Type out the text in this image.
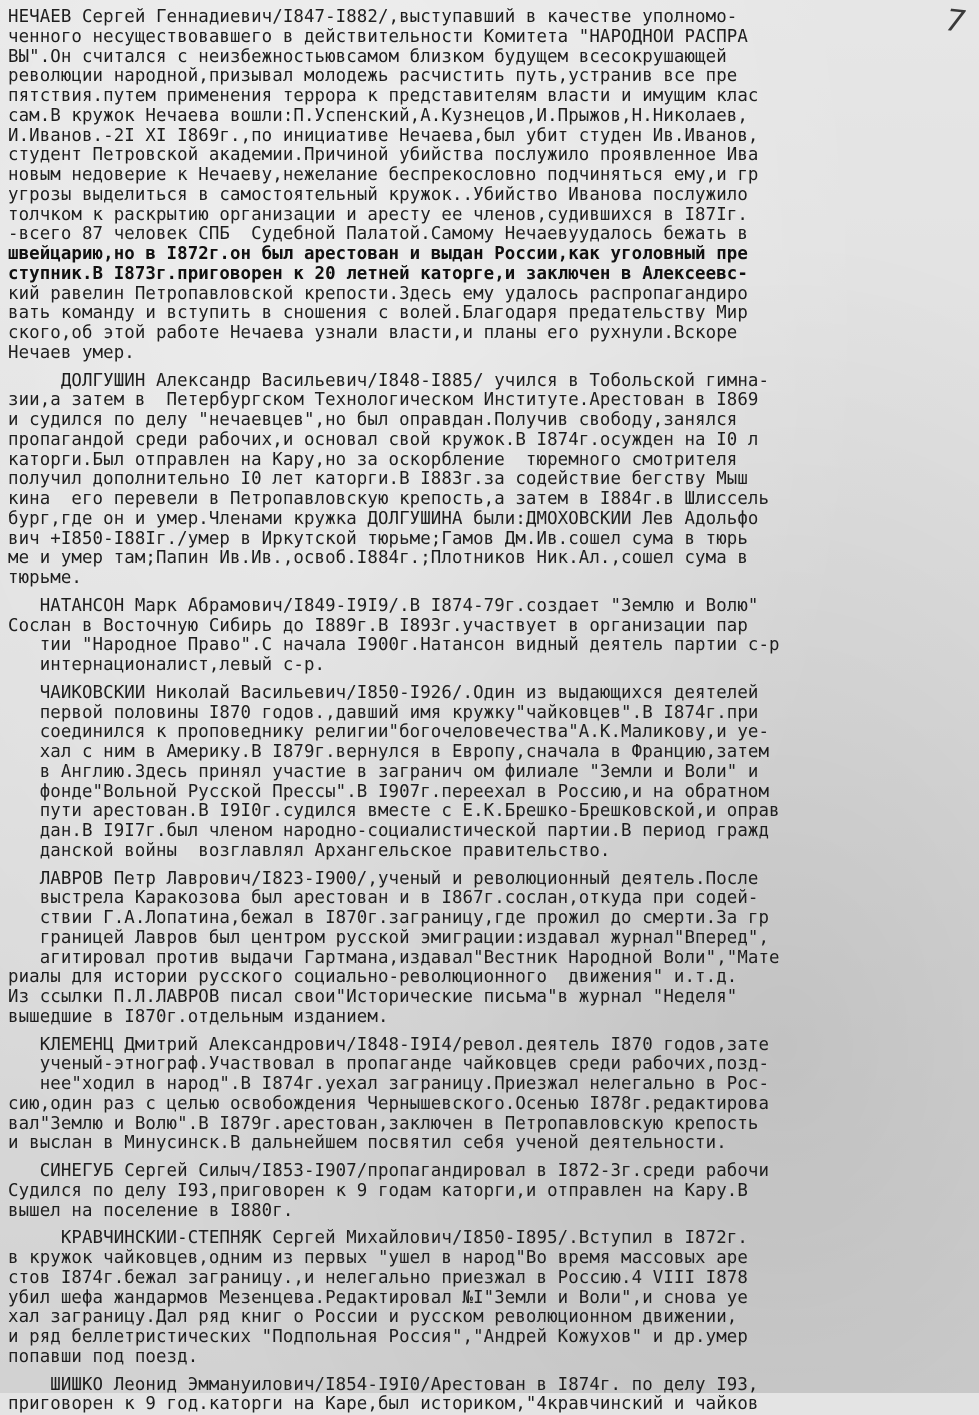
7
НЕЧАЕВ Сергей Геннадиевич/I847-I882/,выступавший в качестве уполномо-
ченного несуществовавшего в действительности Комитета "НАРОДНОЙ РАСПРА
ВЫ".Он считался с неизбежностьювсамом близком будущем всесокрушающей
революции народной,призывал молодежь расчистить путь,устранив все пре
пятствия.путем применения террора к представителям власти и имущим клас
сам.В кружок Нечаева вошли:П.Успенский,А.Кузнецов,И.Прыжов,Н.Николаев,
И.Иванов.-2I XI I869г.,по инициативе Нечаева,был убит студен Ив.Иванов,
студент Петровской академии.Причиной убийства послужило проявленное Ива
новым недоверие к Нечаеву,нежелание беспрекословно подчиняться ему,и гр
угрозы выделиться в самостоятельный кружок..Убийство Иванова послужило
толчком к раскрытию организации и аресту ее членов,судившихся в I87Iг.
-всего 87 человек СПБ  Судебной Палатой.Самому Нечаевуудалось бежать в
швейцарию,но в I872г.он был арестован и выдан России,как уголовный пре
ступник.В I873г.приговорен к 20 летней каторге,и заключен в Алексеевс-
кий равелин Петропавловской крепости.Здесь ему удалось распропагандиро
вать команду и вступить в сношения с волей.Благодаря предательству Мир
ского,об этой работе Нечаева узнали власти,и планы его рухнули.Вскоре
Нечаев умер.
ДОЛГУШИН Александр Васильевич/I848-I885/ учился в Тобольской гимна-
зии,а затем в  Петербургском Технологическом Институте.Арестован в I869
и судился по делу "нечаевцев",но был оправдан.Получив свободу,занялся
пропагандой среди рабочих,и основал свой кружок.В I874г.осужден на I0 л
каторги.Был отправлен на Кару,но за оскорбление  тюремного смотрителя
получил дополнительно I0 лет каторги.В I883г.за содействие бегству Мыш
кина  его перевели в Петропавловскую крепость,а затем в I884г.в Шлиссель
бург,где он и умер.Членами кружка ДОЛГУШИНА были:ДМОХОВСКИЙ Лев Адольфо
вич +I850-I88Iг./умер в Иркутской тюрьме;Гамов Дм.Ив.сошел сума в тюрь
ме и умер там;Папин Ив.Ив.,освоб.I884г.;Плотников Ник.Ал.,сошел сума в
тюрьме.
НАТАНСОН Марк Абрамович/I849-I9I9/.В I874-79г.создает "Землю и Волю"
Сослан в Восточную Сибирь до I889г.В I893г.участвует в организации пар
тии "Народное Право".С начала I900г.Натансон видный деятель партии с-р
интернационалист,левый с-р.
ЧАЙКОВСКИЙ Николай Васильевич/I850-I926/.Один из выдающихся деятелей
первой половины I870 годов.,давший имя кружку"чайковцев".В I874г.при
соединился к проповеднику религии"богочеловечества"А.К.Маликову,и уе-
хал с ним в Америку.В I879г.вернулся в Европу,сначала в Францию,затем
в Англию.Здесь принял участие в загранич ом филиале "Земли и Воли" и
фонде"Вольной Русской Прессы".В I907г.переехал в Россию,и на обратном
пути арестован.В I9I0г.судился вместе с Е.К.Брешко-Брешковской,и оправ
дан.В I9I7г.был членом народно-социалистической партии.В период гражд
данской войны  возглавлял Архангельское правительство.
ЛАВРОВ Петр Лаврович/I823-I900/,ученый и революционный деятель.После
выстрела Каракозова был арестован и в I867г.сослан,откуда при содей-
ствии Г.А.Лопатина,бежал в I870г.заграницу,где прожил до смерти.За гр
границей Лавров был центром русской эмиграции:издавал журнал"Вперед",
агитировал против выдачи Гартмана,издавал"Вестник Народной Воли","Мате
риалы для истории русского социально-революционного  движения" и.т.д.
Из ссылки П.Л.ЛАВРОВ писал свои"Исторические письма"в журнал "Неделя"
вышедшие в I870г.отдельным изданием.
КЛЕМЕНЦ Дмитрий Александрович/I848-I9I4/револ.деятель I870 годов,зате
ученый-этнограф.Участвовал в пропаганде чайковцев среди рабочих,позд-
нее"ходил в народ".В I874г.уехал заграницу.Приезжал нелегально в Рос-
сию,один раз с целью освобождения Чернышевского.Осенью I878г.редактирова
вал"Землю и Волю".В I879г.арестован,заключен в Петропавловскую крепость
и выслан в Минусинск.В дальнейшем посвятил себя ученой деятельности.
СИНЕГУБ Сергей Силыч/I853-I907/пропагандировал в I872-3г.среди рабочи
Судился по делу I93,приговорен к 9 годам каторги,и отправлен на Кару.В
вышел на поселение в I880г.
КРАВЧИНСКИЙ-СТЕПНЯК Сергей Михайлович/I850-I895/.Вступил в I872г.
в кружок чайковцев,одним из первых "ушел в народ"Во время массовых аре
стов I874г.бежал заграницу.,и нелегально приезжал в Россию.4 VIII I878
убил шефа жандармов Мезенцева.Редактировал №I"Земли и Воли",и снова уе
хал заграницу.Дал ряд книг о России и русском революционном движении,
и ряд беллетристических "Подпольная Россия","Андрей Кожухов" и др.умер
попавши под поезд.
ШИШКО Леонид Эммануилович/I854-I9I0/Арестован в I874г. по делу I93,
приговорен к 9 год.каторги на Каре,был историком,"4кравчинский и чайков
